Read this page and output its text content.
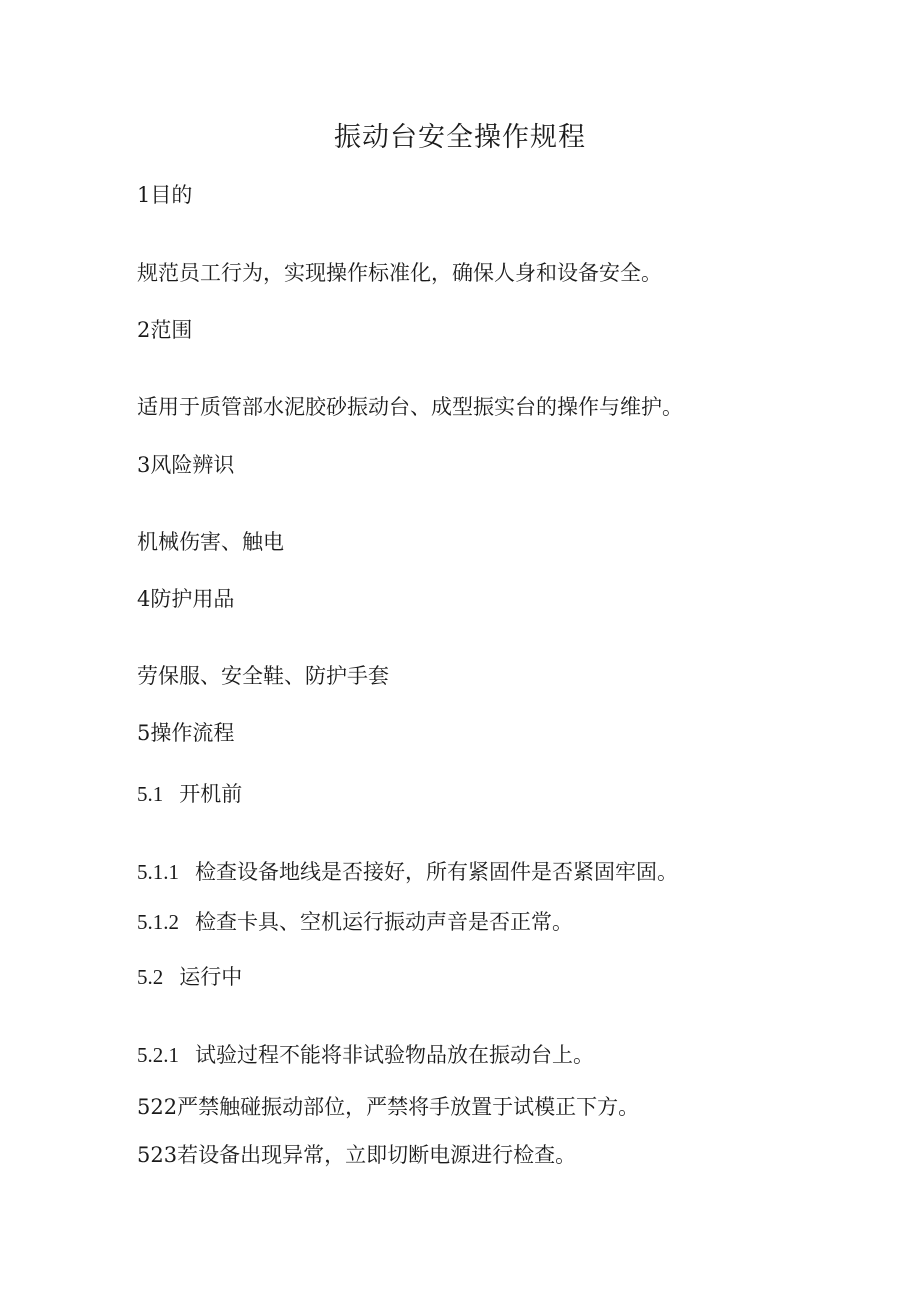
振动台安全操作规程
1目的
规范员工行为，实现操作标准化，确保人身和设备安全。
2范围
适用于质管部水泥胶砂振动台、成型振实台的操作与维护。
3风险辨识
机械伤害、触电
4防护用品
劳保服、安全鞋、防护手套
5操作流程
5.1 开机前
5.1.1 检查设备地线是否接好，所有紧固件是否紧固牢固。
5.1.2 检查卡具、空机运行振动声音是否正常。
5.2 运行中
5.2.1 试验过程不能将非试验物品放在振动台上。
522严禁触碰振动部位，严禁将手放置于试模正下方。
523若设备出现异常，立即切断电源进行检查。
